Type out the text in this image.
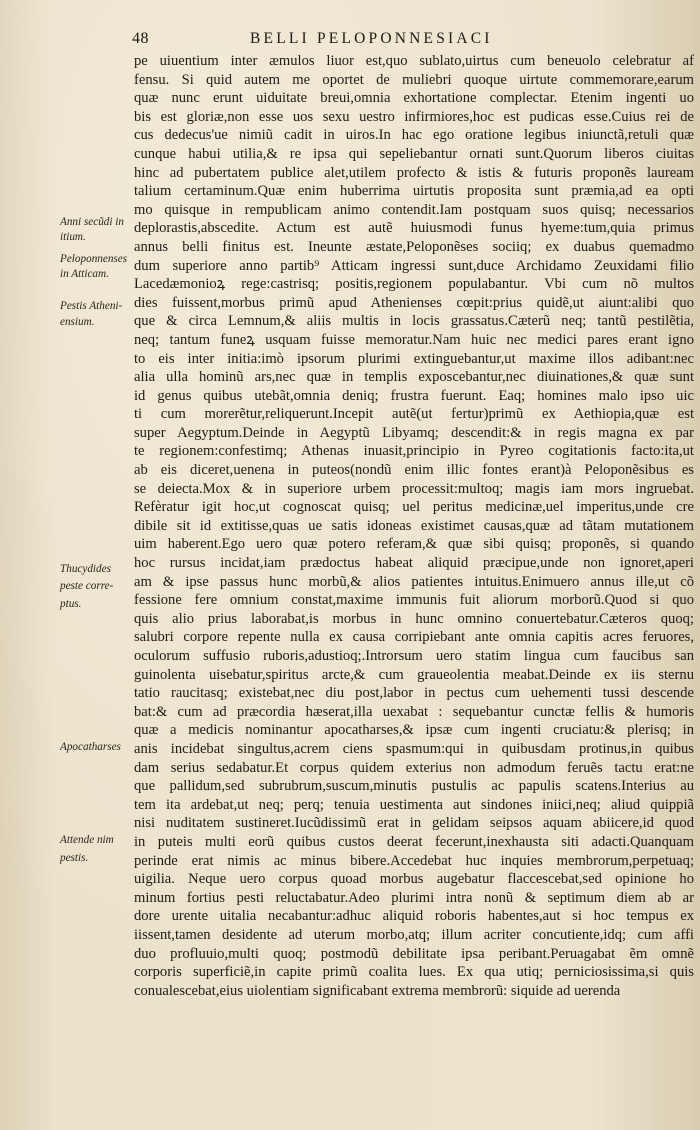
48	BELLI PELOPONNESIACI
Anni secũdi in
itium.
Peloponnenses
in Atticam.
Pestis Atheni-
ensium.
Thucydides
peste corre-
ptus.
Apocatharses
Attende nim
pestis.
pe uiuentium inter æmulos liuor est,quo sublato,uirtus cum beneuolo celebratur af
fensu. Si quid autem me oportet de muliebri quoque uirtute commemorare,earum
quæ nunc erunt uiduitate breui,omnia exhortatione complectar. Etenim ingenti uo
bis est gloriæ,non esse uos sexu uestro infirmiores,hoc est pudicas esse.Cuius rei de
cus dedecus'ue nimiũ cadit in uiros.In hac ego oratione legibus iniunctã,retuli quæ
cunque habui utilia,& re ipsa qui sepeliebantur ornati sunt.Quorum liberos ciuitas
hinc ad pubertatem publice alet,utilem profecto & istis & futuris proponẽs lauream
talium certaminum.Quæ enim huberrima uirtutis proposita sunt præmia,ad ea opti
mo quisque in rempublicam animo contendit.Iam postquam suos quisq; necessarios
deplorastis,abscedite. Actum est autẽ huiusmodi funus hyeme:tum,quia primus
annus belli finitus est. Ineunte æstate,Peloponẽses sociiq; ex duabus quemadmo
dum superiore anno partib⁹ Atticam ingressi sunt,duce Archidamo Zeuxidami filio
Lacedæmonioꝝ rege:castrisq; positis,regionem populabantur. Vbi cum nõ multos
dies fuissent,morbus primũ apud Athenienses cœpit:prius quidẽ,ut aiunt:alibi quo
que & circa Lemnum,& aliis multis in locis grassatus.Cæterũ neq; tantũ pestilẽtia,
neq; tantum funeꝝ usquam fuisse memoratur.Nam huic nec medici pares erant igno
to eis inter initia:imò ipsorum plurimi extinguebantur,ut maxime illos adibant:nec
alia ulla hominũ ars,nec quæ in templis exposcebantur,nec diuinationes,& quæ sunt
id genus quibus utebãt,omnia deniq; frustra fuerunt. Eaq; homines malo ipso uic
ti cum morerẽtur,reliquerunt.Incepit autẽ(ut fertur)primũ ex Aethiopia,quæ est
super Aegyptum.Deinde in Aegyptũ Libyamq; descendit:& in regis magna ex par
te regionem:confestimq; Athenas inuasit,principio in Pyreo cogitationis facto:ita,ut
ab eis diceret,uenena in puteos(nondũ enim illic fontes erant)à Peloponẽsibus es
se deiecta.Mox & in superiore urbem processit:multoq; magis iam mors ingruebat.
Refèratur igit hoc,ut cognoscat quisq; uel peritus medicinæ,uel imperitus,unde cre
dibile sit id extitisse,quas ue satis idoneas existimet causas,quæ ad tãtam mutationem
uim haberent.Ego uero quæ potero referam,& quæ sibi quisq; proponẽs, si quando
hoc rursus incidat,iam prædoctus habeat aliquid præcipue,unde non ignoret,aperi
am & ipse passus hunc morbũ,& alios patientes intuitus.Enimuero annus ille,ut cõ
fessione fere omnium constat,maxime immunis fuit aliorum morborũ.Quod si quo
quis alio prius laborabat,is morbus in hunc omnino conuertebatur.Cæteros quoq;
salubri corpore repente nulla ex causa corripiebant ante omnia capitis acres feruores,
oculorum suffusio ruboris,adustioq;.Introrsum uero statim lingua cum faucibus san
guinolenta uisebatur,spiritus arcte,& cum graueolentia meabat.Deinde ex iis sternu
tatio raucitasq; existebat,nec diu post,labor in pectus cum uehementi tussi descende
bat:& cum ad præcordia hæserat,illa uexabat : sequebantur cunctæ fellis & humoris
quæ a medicis nominantur apocatharses,& ipsæ cum ingenti cruciatu:& plerisq; in
anis incidebat singultus,acrem ciens spasmum:qui in quibusdam protinus,in quibus
dam serius sedabatur.Et corpus quidem exterius non admodum feruẽs tactu erat:ne
que pallidum,sed subrubrum,suscum,minutis pustulis ac papulis scatens.Interius au
tem ita ardebat,ut neq; perq; tenuia uestimenta aut sindones iniici,neq; aliud quippiã
nisi nuditatem sustineret.Iucũdissimũ erat in gelidam seipsos aquam abiicere,id quod
in puteis multi eorũ quibus custos deerat fecerunt,inexhausta siti adacti.Quanquam
perinde erat nimis ac minus bibere.Accedebat huc inquies membrorum,perpetuaq;
uigilia. Neque uero corpus quoad morbus augebatur flaccescebat,sed opinione ho
minum fortius pesti reluctabatur.Adeo plurimi intra nonũ & septimum diem ab ar
dore urente uitalia necabantur:adhuc aliquid roboris habentes,aut si hoc tempus ex
iissent,tamen desidente ad uterum morbo,atq; illum acriter concutiente,idq; cum affi
duo profluuio,multi quoq; postmodũ debilitate ipsa peribant.Peruagabat ẽm omnẽ
corporis superficiẽ,in capite primũ coalita lues. Ex qua utiq; perniciosissima,si quis
conualescebat,eius uiolentiam significabant extrema membrorũ: siquide ad uerenda
